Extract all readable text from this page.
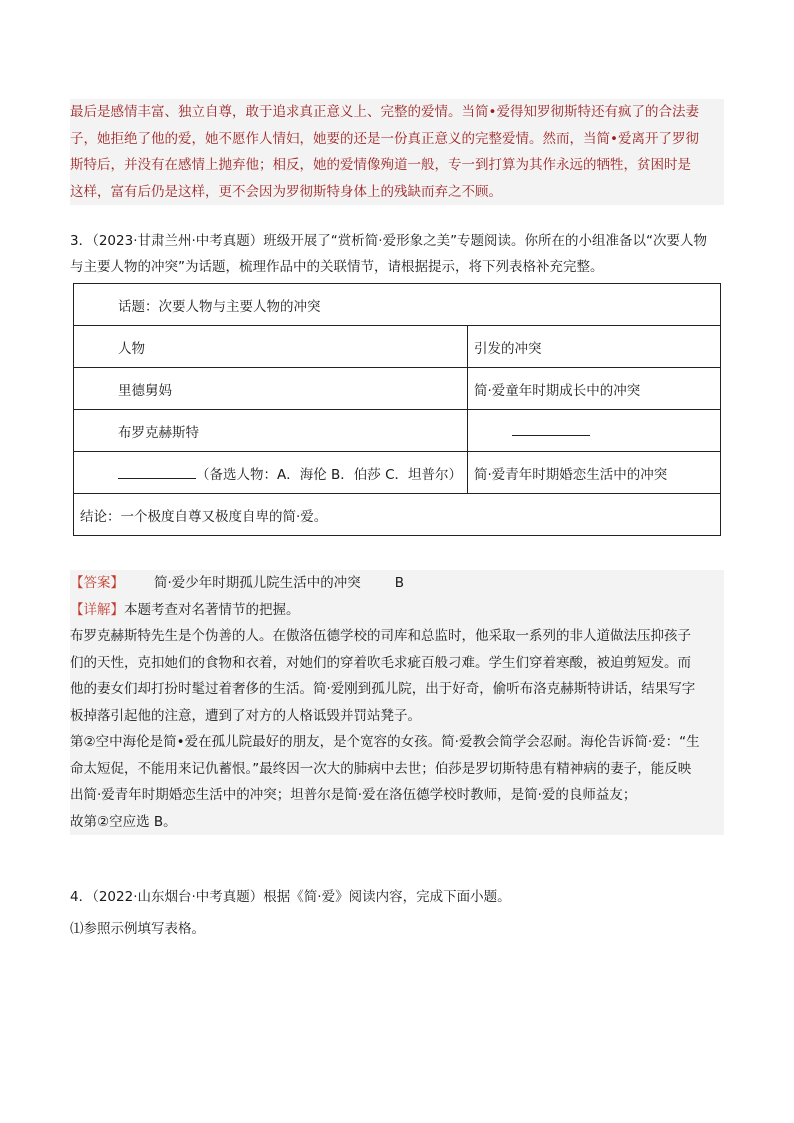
最后是感情丰富、独立自尊，敢于追求真正意义上、完整的爱情。当简•爱得知罗彻斯特还有疯了的合法妻

子，她拒绝了他的爱，她不愿作人情妇，她要的还是一份真正意义的完整爱情。然而，当简•爱离开了罗彻

斯特后，并没有在感情上抛弃他；相反，她的爱情像殉道一般，专一到打算为其作永远的牺牲，贫困时是

这样，富有后仍是这样，更不会因为罗彻斯特身体上的残缺而弃之不顾。

3．（2023·甘肃兰州·中考真题）班级开展了“赏析简·爱形象之美”专题阅读。你所在的小组准备以“次要人物
与主要人物的冲突”为话题，梳理作品中的关联情节，请根据提示，将下列表格补充完整。
话题：次要人物与主要人物的冲突	
人物	引发的冲突
里德舅妈	简·爱童年时期成长中的冲突
布罗克赫斯特	
（备选人物：A．海伦 B．伯莎 C．坦普尔）	简·爱青年时期婚恋生活中的冲突
结论：一个极度自尊又极度自卑的简·爱。	

【答案】 简·爱少年时期孤儿院生活中的冲突	B

【详解】本题考查对名著情节的把握。

布罗克赫斯特先生是个伪善的人。在傲洛伍德学校的司库和总监时，他采取一系列的非人道做法压抑孩子

们的天性，克扣她们的食物和衣着，对她们的穿着吹毛求疵百般刁难。学生们穿着寒酸，被迫剪短发。而

他的妻女们却打扮时髦过着奢侈的生活。简·爱刚到孤儿院，出于好奇，偷听布洛克赫斯特讲话，结果写字

板掉落引起他的注意，遭到了对方的人格诋毁并罚站凳子。

第②空中海伦是简•爱在孤儿院最好的朋友，是个宽容的女孩。简·爱教会简学会忍耐。海伦告诉简·爱：“生

命太短促，不能用来记仇蓄恨。”最终因一次大的肺病中去世；伯莎是罗切斯特患有精神病的妻子，能反映

出简·爱青年时期婚恋生活中的冲突；坦普尔是简·爱在洛伍德学校时教师，是简·爱的良师益友；

故第②空应选 B。

4．（2022·山东烟台·中考真题）根据《简·爱》阅读内容，完成下面小题。
⑴参照示例填写表格。
